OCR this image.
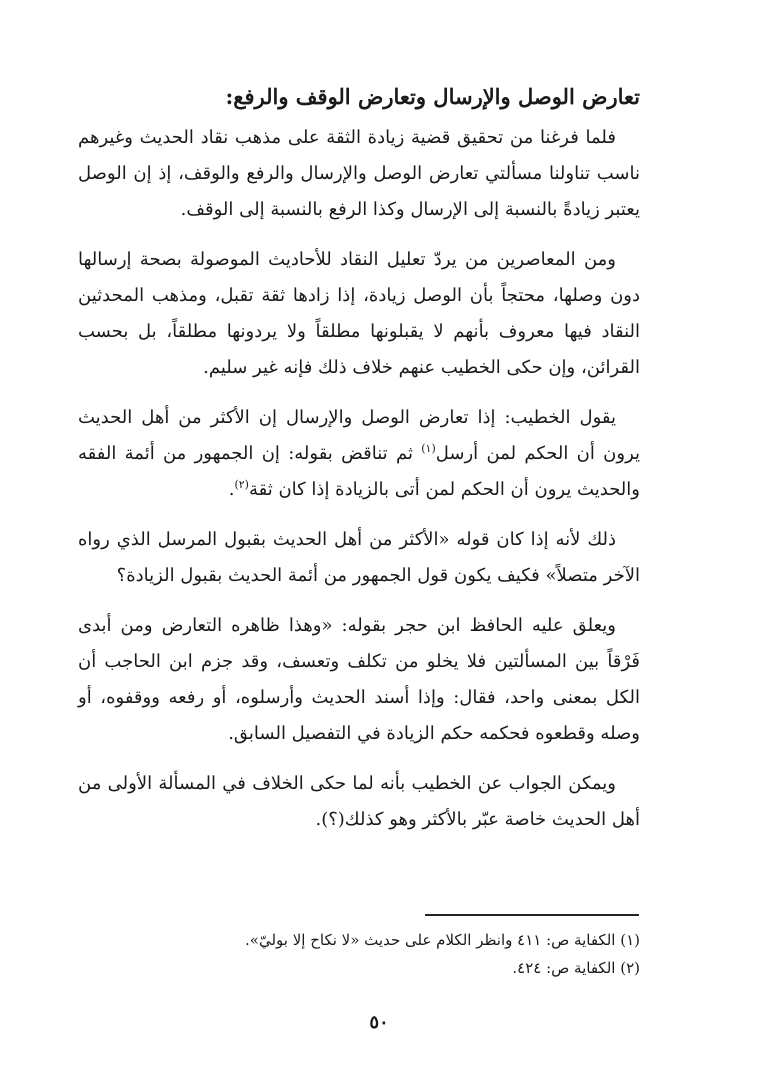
تعارض الوصل والإرسال وتعارض الوقف والرفع:

فلما فرغنا من تحقيق قضية زيادة الثقة على مذهب نقاد الحديث وغيرهم ناسب تناولنا مسألتي تعارض الوصل والإرسال والرفع والوقف، إذ إن الوصل يعتبر زيادةً بالنسبة إلى الإرسال وكذا الرفع بالنسبة إلى الوقف.

ومن المعاصرين من يردّ تعليل النقاد للأحاديث الموصولة بصحة إرسالها دون وصلها، محتجاً بأن الوصل زيادة، إذا زادها ثقة تقبل، ومذهب المحدثين النقاد فيها معروف بأنهم لا يقبلونها مطلقاً ولا يردونها مطلقاً، بل بحسب القرائن، وإن حكى الخطيب عنهم خلاف ذلك فإنه غير سليم.

يقول الخطيب: إذا تعارض الوصل والإرسال إن الأكثر من أهل الحديث يرون أن الحكم لمن أرسل$^{(١)}$ ثم تناقض بقوله: إن الجمهور من أئمة الفقه والحديث يرون أن الحكم لمن أتى بالزيادة إذا كان ثقة$^{(٢)}$.

ذلك لأنه إذا كان قوله «الأكثر من أهل الحديث بقبول المرسل الذي رواه الآخر متصلاً» فكيف يكون قول الجمهور من أئمة الحديث بقبول الزيادة؟

ويعلق عليه الحافظ ابن حجر بقوله: «وهذا ظاهره التعارض ومن أبدى فَرْقاً بين المسألتين فلا يخلو من تكلف وتعسف، وقد جزم ابن الحاجب أن الكل بمعنى واحد، فقال: وإذا أسند الحديث وأرسلوه، أو رفعه ووقفوه، أو وصله وقطعوه فحكمه حكم الزيادة في التفصيل السابق.

ويمكن الجواب عن الخطيب بأنه لما حكى الخلاف في المسألة الأولى من أهل الحديث خاصة عبّر بالأكثر وهو كذلك(؟).

(١) الكفاية ص: ٤١١ وانظر الكلام على حديث «لا نكاح إلا بوليّ».

(٢) الكفاية ص: ٤٢٤.

٥٠
